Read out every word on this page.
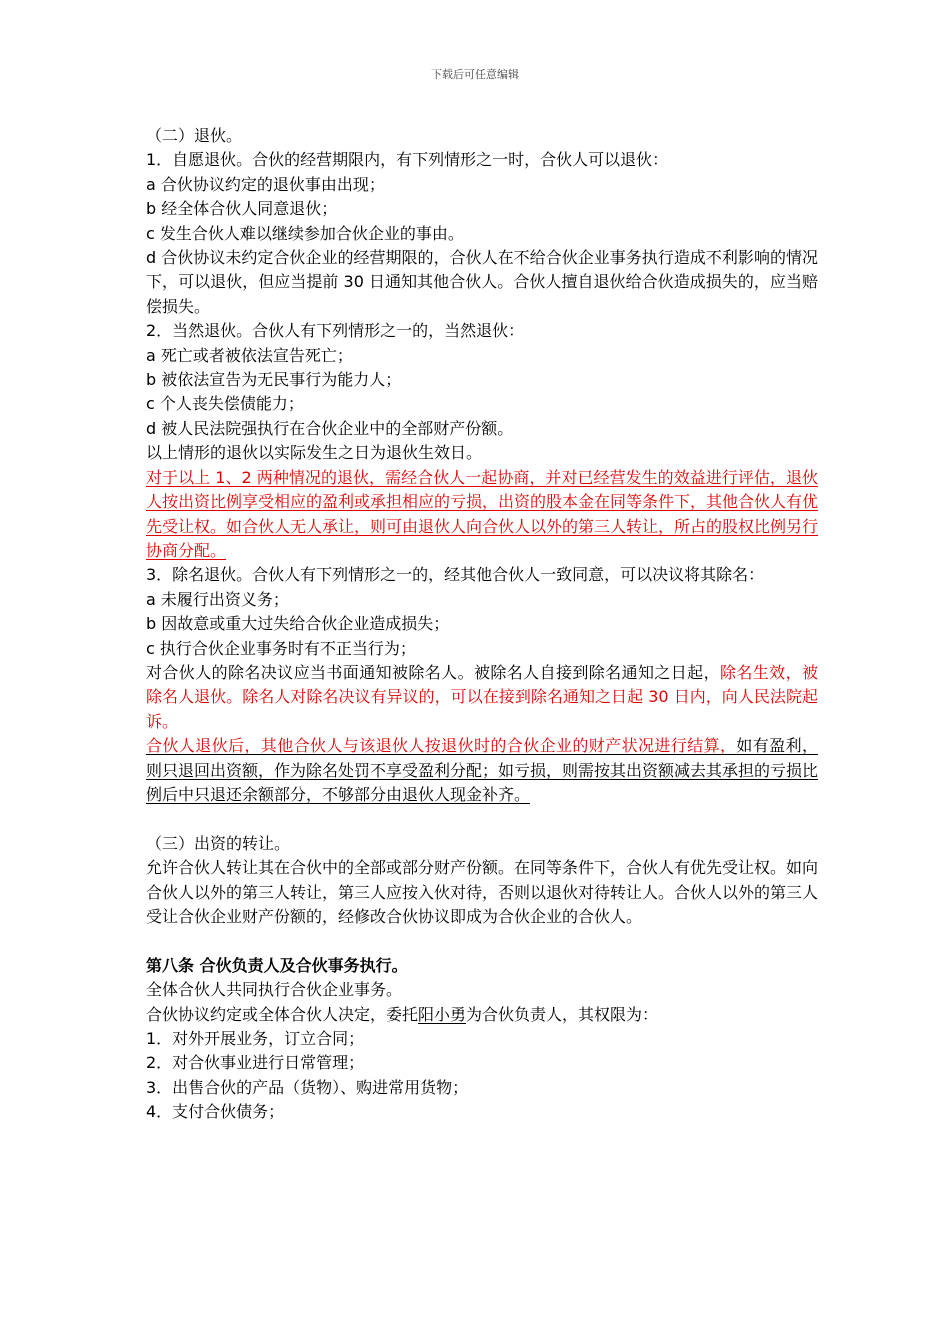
下载后可任意编辑

（二）退伙。

1．自愿退伙。合伙的经营期限内，有下列情形之一时，合伙人可以退伙：

a 合伙协议约定的退伙事由出现；

b 经全体合伙人同意退伙；

c 发生合伙人难以继续参加合伙企业的事由。

d 合伙协议未约定合伙企业的经营期限的，合伙人在不给合伙企业事务执行造成不利影响的情况下，可以退伙，但应当提前 30 日通知其他合伙人。合伙人擅自退伙给合伙造成损失的，应当赔偿损失。

2．当然退伙。合伙人有下列情形之一的，当然退伙：

a 死亡或者被依法宣告死亡；

b 被依法宣告为无民事行为能力人；

c 个人丧失偿债能力；

d 被人民法院强执行在合伙企业中的全部财产份额。

以上情形的退伙以实际发生之日为退伙生效日。

对于以上 1、2 两种情况的退伙，需经合伙人一起协商，并对已经营发生的效益进行评估，退伙人按出资比例享受相应的盈利或承担相应的亏损，出资的股本金在同等条件下，其他合伙人有优先受让权。如合伙人无人承让，则可由退伙人向合伙人以外的第三人转让，所占的股权比例另行协商分配。

3．除名退伙。合伙人有下列情形之一的，经其他合伙人一致同意，可以决议将其除名：

a 未履行出资义务；

b 因故意或重大过失给合伙企业造成损失；

c 执行合伙企业事务时有不正当行为；

对合伙人的除名决议应当书面通知被除名人。被除名人自接到除名通知之日起，除名生效，被除名人退伙。除名人对除名决议有异议的，可以在接到除名通知之日起 30 日内，向人民法院起诉。

合伙人退伙后，其他合伙人与该退伙人按退伙时的合伙企业的财产状况进行结算，如有盈利，则只退回出资额，作为除名处罚不享受盈利分配；如亏损，则需按其出资额减去其承担的亏损比例后中只退还余额部分，不够部分由退伙人现金补齐。

（三）出资的转让。

允许合伙人转让其在合伙中的全部或部分财产份额。在同等条件下，合伙人有优先受让权。如向合伙人以外的第三人转让，第三人应按入伙对待，否则以退伙对待转让人。合伙人以外的第三人受让合伙企业财产份额的，经修改合伙协议即成为合伙企业的合伙人。

第八条 合伙负责人及合伙事务执行。

全体合伙人共同执行合伙企业事务。

合伙协议约定或全体合伙人决定，委托阳小勇为合伙负责人，其权限为：

1．对外开展业务，订立合同；

2．对合伙事业进行日常管理；

3．出售合伙的产品（货物）、购进常用货物；

4．支付合伙债务；
